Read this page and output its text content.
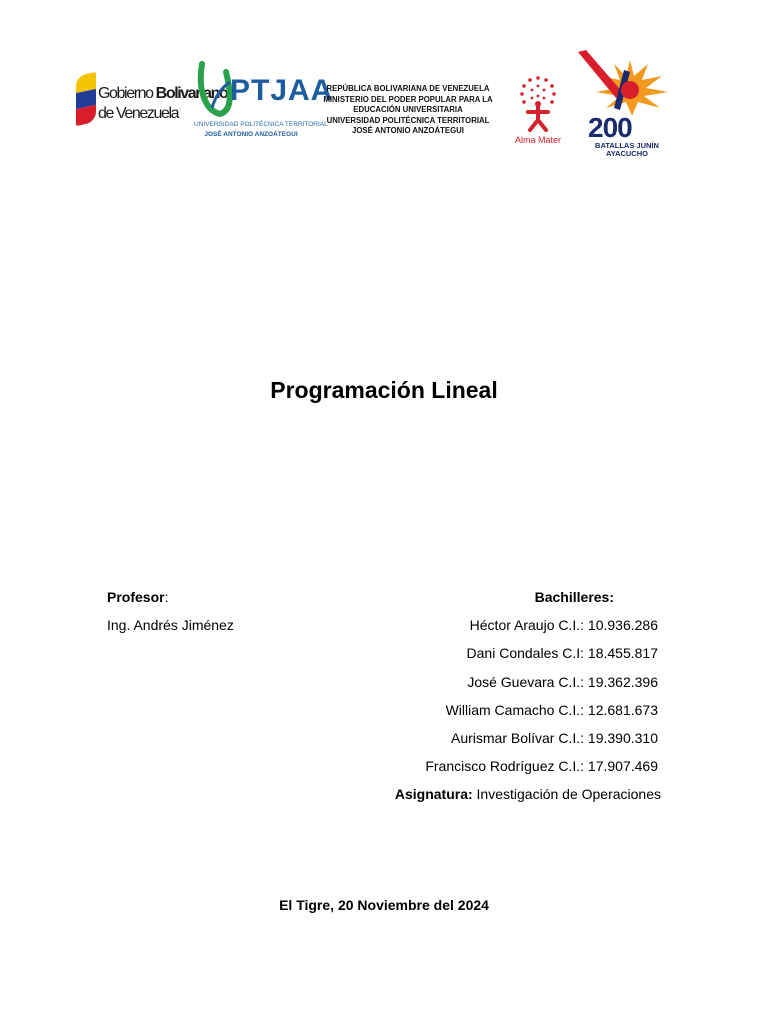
Gobierno Bolivariano
de Venezuela
PTJAA
UNIVERSIDAD POLITÉCNICA TERRITORIAL
JOSÉ ANTONIO ANZOÁTEGUI
REPÚBLICA BOLIVARIANA DE VENEZUELA
MINISTERIO DEL PODER POPULAR PARA LA
EDUCACIÓN UNIVERSITARIA
UNIVERSIDAD POLITÉCNICA TERRITORIAL
JOSÉ ANTONIO ANZOÁTEGUI
Alma Mater 200
BATALLAS JUNÍN
AYACUCHO
Programación Lineal
Profesor:
Ing. Andrés Jiménez
Bachilleres:
Héctor Araujo C.I.: 10.936.286
Dani Condales C.I: 18.455.817
José Guevara C.I.: 19.362.396
William Camacho C.I.: 12.681.673
Aurismar Bolívar C.I.: 19.390.310
Francisco Rodríguez C.I.: 17.907.469
Asignatura: Investigación de Operaciones
El Tigre, 20 Noviembre del 2024
